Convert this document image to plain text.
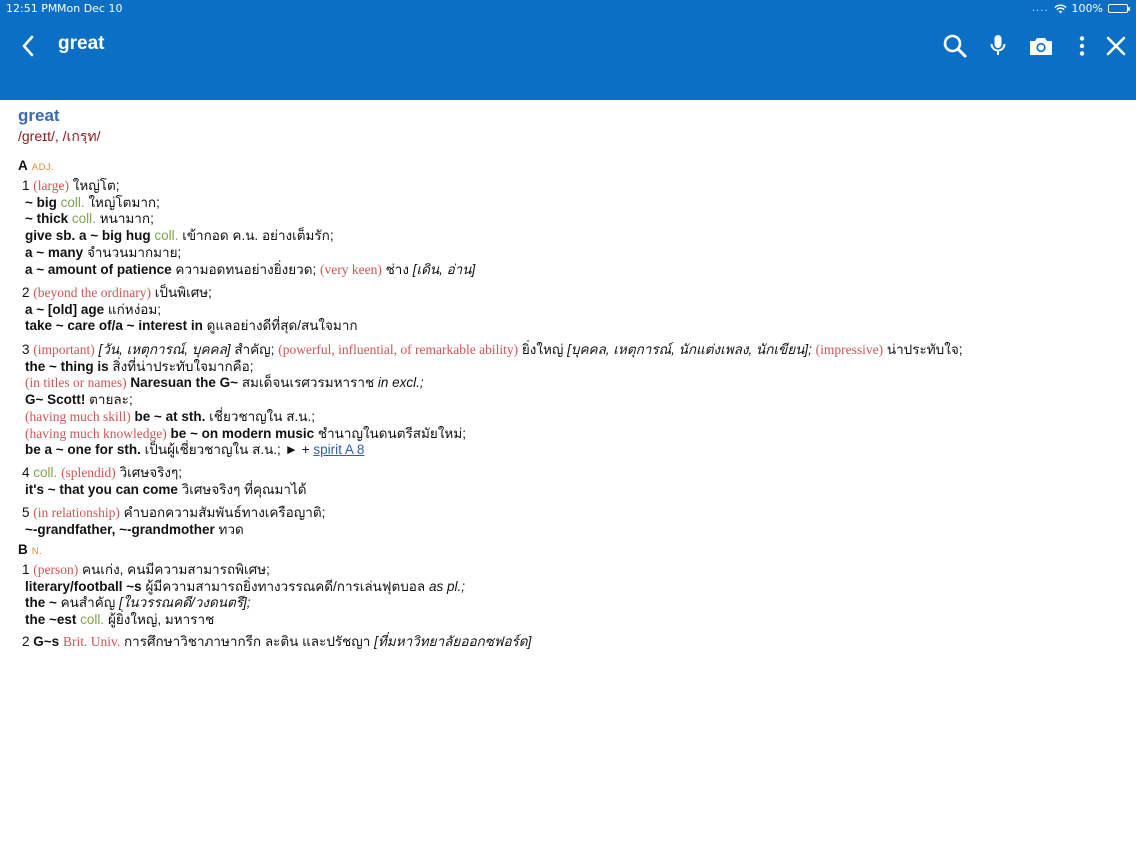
12:51 PM Mon Dec 10	.... 100%
great
great
/greɪt/, /เกรฺท/
A ADJ.
1 (large) ใหญ่โต;
~ big coll. ใหญ่โตมาก;
~ thick coll. หนามาก;
give sb. a ~ big hug coll. เข้ากอด ค.น. อย่างเต็มรัก;
a ~ many จำนวนมากมาย;
a ~ amount of patience ความอดทนอย่างยิ่งยวด; (very keen) ช่าง [เดิน, อ่าน]
2 (beyond the ordinary) เป็นพิเศษ;
a ~ [old] age แก่หง่อม;
take ~ care of/a ~ interest in ดูแลอย่างดีที่สุด/สนใจมาก
3 (important) [วัน, เหตุการณ์, บุคคล] สำคัญ; (powerful, influential, of remarkable ability) ยิ่งใหญ่ [บุคคล, เหตุการณ์, นักแต่งเพลง, นักเขียน]; (impressive) น่าประทับใจ;
the ~ thing is สิ่งที่น่าประทับใจมากคือ;
(in titles or names) Naresuan the G~ สมเด็จนเรศวรมหาราช in excl.;
G~ Scott! ตายละ;
(having much skill) be ~ at sth. เชี่ยวชาญใน ส.น.;
(having much knowledge) be ~ on modern music ชำนาญในดนตรีสมัยใหม่;
be a ~ one for sth. เป็นผู้เชี่ยวชาญใน ส.น.; ► + spirit A 8
4 coll. (splendid) วิเศษจริงๆ;
it's ~ that you can come วิเศษจริงๆ ที่คุณมาได้
5 (in relationship) คำบอกความสัมพันธ์ทางเครือญาติ;
~-grandfather, ~-grandmother ทวด
B N.
1 (person) คนเก่ง, คนมีความสามารถพิเศษ;
literary/football ~s ผู้มีความสามารถยิ่งทางวรรณคดี/การเล่นฟุตบอล as pl.;
the ~ คนสำคัญ [ในวรรณคดี/วงดนตรี];
the ~est coll. ผู้ยิ่งใหญ่, มหาราช
2 G~s Brit. Univ. การศึกษาวิชาภาษากรีก ละติน และปรัชญา [ที่มหาวิทยาลัยออกซฟอร์ด]
